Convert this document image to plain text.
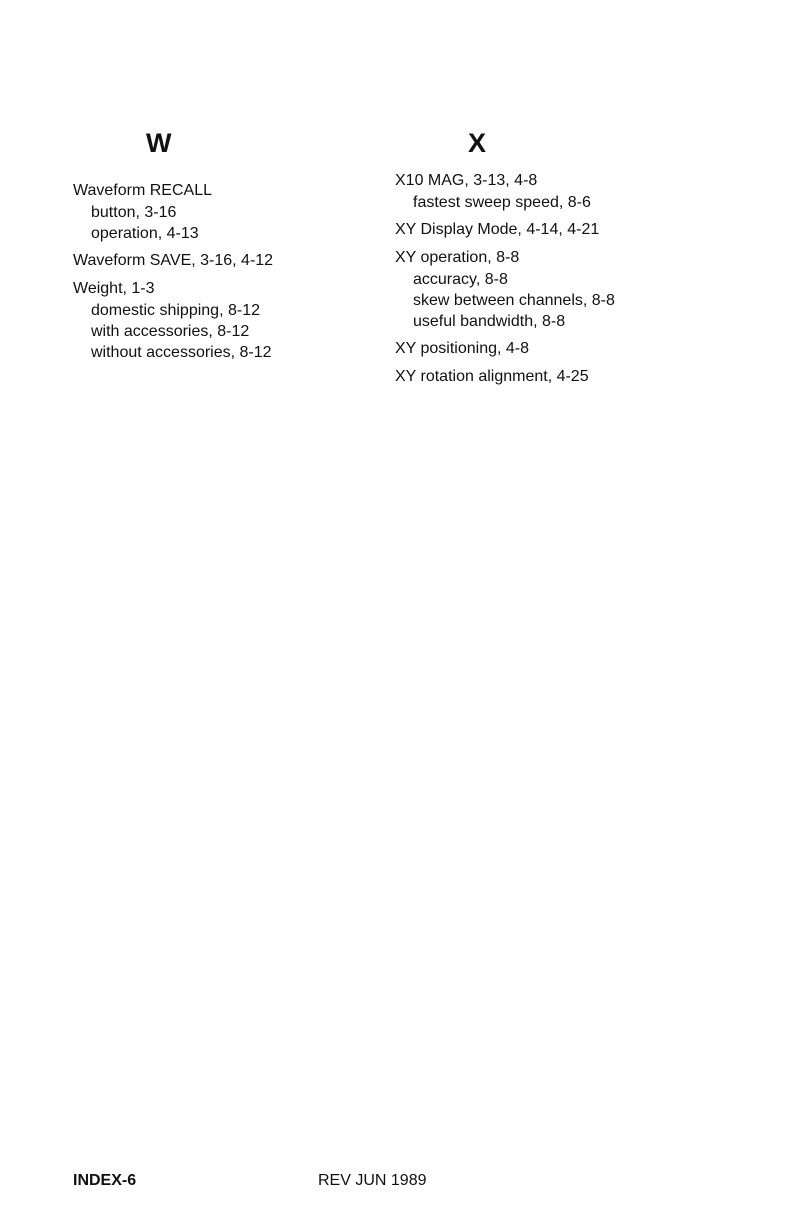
W
Waveform RECALL
button, 3-16
operation, 4-13
Waveform SAVE, 3-16, 4-12
Weight, 1-3
domestic shipping, 8-12
with accessories, 8-12
without accessories, 8-12
X
X10 MAG, 3-13, 4-8
fastest sweep speed, 8-6
XY Display Mode, 4-14, 4-21
XY operation, 8-8
accuracy, 8-8
skew between channels, 8-8
useful bandwidth, 8-8
XY positioning, 4-8
XY rotation alignment, 4-25
INDEX-6	REV JUN 1989
